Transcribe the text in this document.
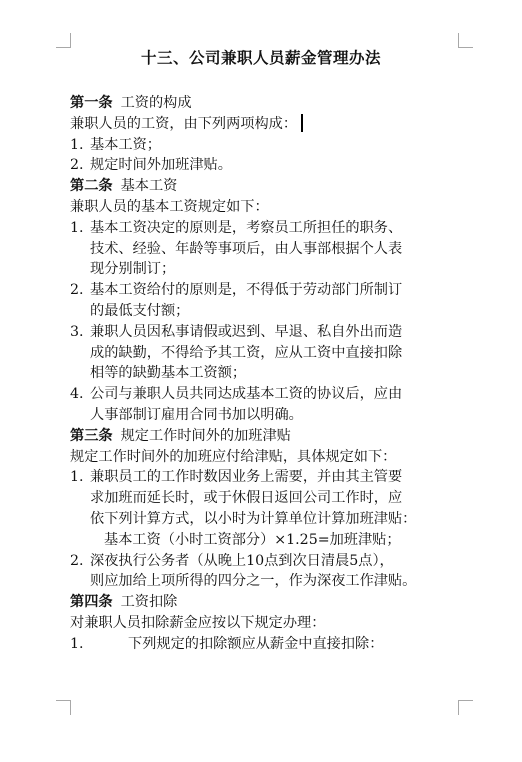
十三、公司兼职人员薪金管理办法
第一条 工资的构成
兼职人员的工资，由下列两项构成：
1. 基本工资；
2. 规定时间外加班津贴。
第二条 基本工资
兼职人员的基本工资规定如下：
1. 基本工资决定的原则是，考察员工所担任的职务、
技术、经验、年龄等事项后，由人事部根据个人表
现分别制订；
2. 基本工资给付的原则是，不得低于劳动部门所制订
的最低支付额；
3. 兼职人员因私事请假或迟到、早退、私自外出而造
成的缺勤，不得给予其工资，应从工资中直接扣除
相等的缺勤基本工资额；
4. 公司与兼职人员共同达成基本工资的协议后，应由
人事部制订雇用合同书加以明确。
第三条 规定工作时间外的加班津贴
规定工作时间外的加班应付给津贴，具体规定如下：
1. 兼职员工的工作时数因业务上需要，并由其主管要
求加班而延长时，或于休假日返回公司工作时，应
依下列计算方式，以小时为计算单位计算加班津贴：
基本工资（小时工资部分）×1.25=加班津贴；
2. 深夜执行公务者（从晚上10点到次日清晨5点），
则应加给上项所得的四分之一，作为深夜工作津贴。
第四条 工资扣除
对兼职人员扣除薪金应按以下规定办理：
1.	下列规定的扣除额应从薪金中直接扣除：
